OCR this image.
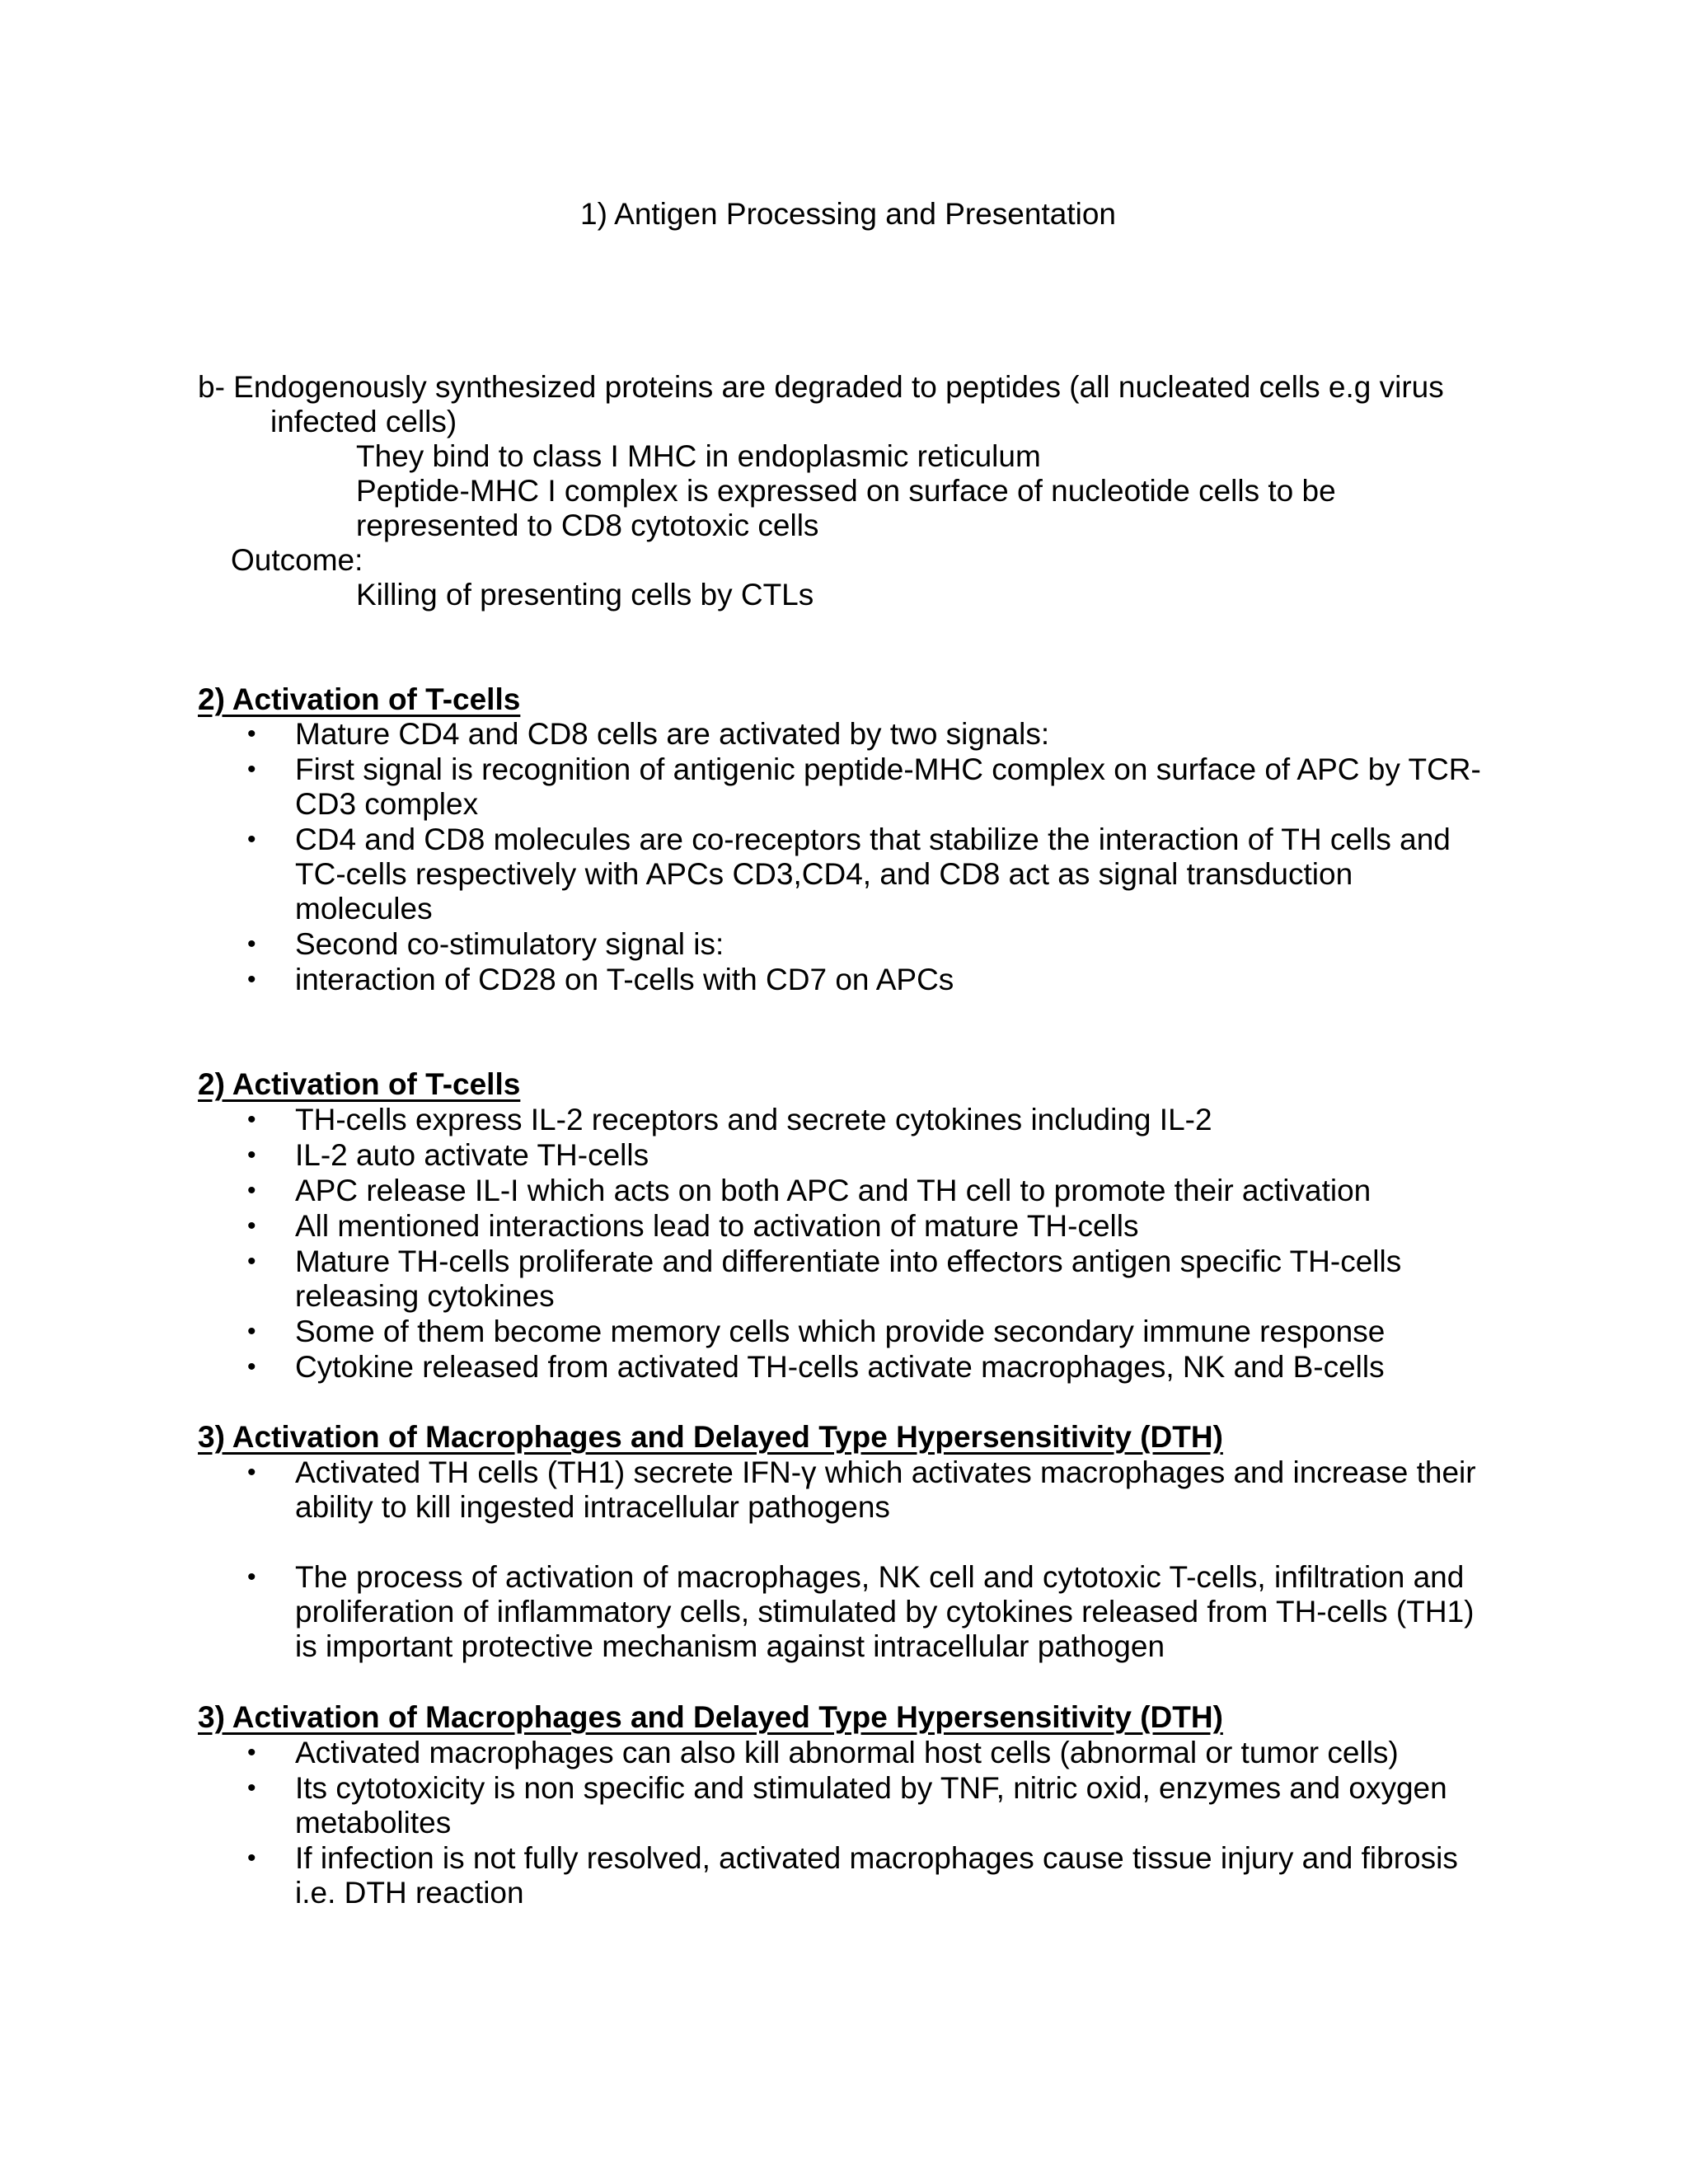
1) Antigen Processing and Presentation
b- Endogenously synthesized proteins are degraded to peptides (all nucleated cells e.g virus
infected cells)
They bind to class I MHC in endoplasmic reticulum
Peptide-MHC I complex is expressed on surface of nucleotide cells to be
represented to CD8 cytotoxic cells
Outcome:
Killing of presenting cells by CTLs
2) Activation of T-cells
• Mature CD4 and CD8 cells are activated by two signals:
• First signal is recognition of antigenic peptide-MHC complex on surface of APC by TCR-
CD3 complex
• CD4 and CD8 molecules are co-receptors that stabilize the interaction of TH cells and
TC-cells respectively with APCs CD3,CD4, and CD8 act as signal transduction
molecules
• Second co-stimulatory signal is:
• interaction of CD28 on T-cells with CD7 on APCs
2) Activation of T-cells
• TH-cells express IL-2 receptors and secrete cytokines including IL-2
• IL-2 auto activate TH-cells
• APC release IL-I which acts on both APC and TH cell to promote their activation
• All mentioned interactions lead to activation of mature TH-cells
• Mature TH-cells proliferate and differentiate into effectors antigen specific TH-cells
releasing cytokines
• Some of them become memory cells which provide secondary immune response
• Cytokine released from activated TH-cells activate macrophages, NK and B-cells
3) Activation of Macrophages and Delayed Type Hypersensitivity (DTH)
• Activated TH cells (TH1) secrete IFN-γ which activates macrophages and increase their
ability to kill ingested intracellular pathogens
• The process of activation of macrophages, NK cell and cytotoxic T-cells, infiltration and
proliferation of inflammatory cells, stimulated by cytokines released from TH-cells (TH1)
is important protective mechanism against intracellular pathogen
3) Activation of Macrophages and Delayed Type Hypersensitivity (DTH)
• Activated macrophages can also kill abnormal host cells (abnormal or tumor cells)
• Its cytotoxicity is non specific and stimulated by TNF, nitric oxid, enzymes and oxygen
metabolites
• If infection is not fully resolved, activated macrophages cause tissue injury and fibrosis
i.e. DTH reaction
